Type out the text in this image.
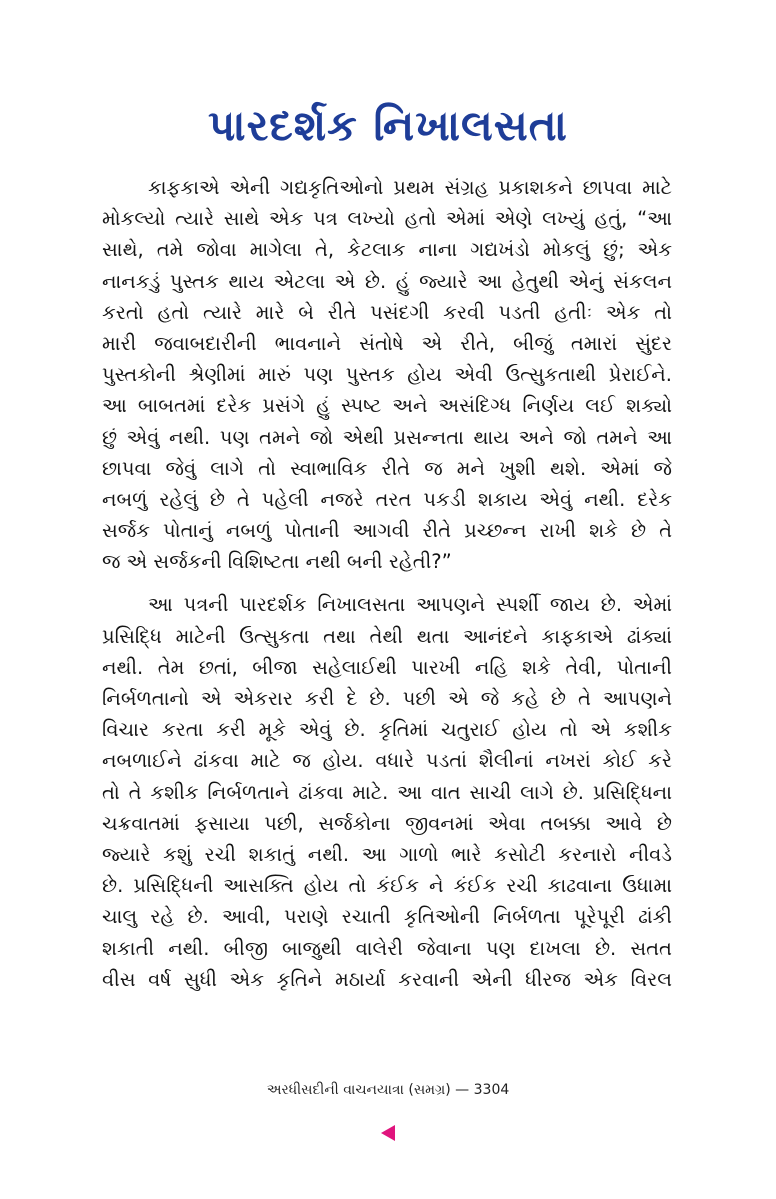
પારદર્શક નિખાલસતા
કાફકાએ એની ગદ્યકૃતિઓનો પ્રથમ સંગ્રહ પ્રકાશકને છાપવા માટે
મોકલ્યો ત્યારે સાથે એક પત્ર લખ્યો હતો એમાં એણે લખ્યું હતું, “આ
સાથે, તમે જોવા માગેલા તે, કેટલાક નાના ગદ્યખંડો મોકલું છું; એક
નાનકડું પુસ્તક થાય એટલા એ છે. હું જ્યારે આ હેતુથી એનું સંકલન
કરતો હતો ત્યારે મારે બે રીતે પસંદગી કરવી પડતી હતીઃ એક તો
મારી જવાબદારીની ભાવનાને સંતોષે એ રીતે, બીજું તમારાં સુંદર
પુસ્તકોની શ્રેણીમાં મારું પણ પુસ્તક હોય એવી ઉત્સુકતાથી પ્રેરાઈને.
આ બાબતમાં દરેક પ્રસંગે હું સ્પષ્ટ અને અસંદિગ્ધ નિર્ણય લઈ શક્યો
છું એવું નથી. પણ તમને જો એથી પ્રસન્નતા થાય અને જો તમને આ
છાપવા જેવું લાગે તો સ્વાભાવિક રીતે જ મને ખુશી થશે. એમાં જે
નબળું રહેલું છે તે પહેલી નજરે તરત પકડી શકાય એવું નથી. દરેક
સર્જક પોતાનું નબળું પોતાની આગવી રીતે પ્રચ્છન્ન રાખી શકે છે તે
જ એ સર્જકની વિશિષ્ટતા નથી બની રહેતી?”
આ પત્રની પારદર્શક નિખાલસતા આપણને સ્પર્શી જાય છે. એમાં
પ્રસિદ્ધિ માટેની ઉત્સુકતા તથા તેથી થતા આનંદને કાફકાએ ઢાંક્યાં
નથી. તેમ છતાં, બીજા સહેલાઈથી પારખી નહિ શકે તેવી, પોતાની
નિર્બળતાનો એ એકરાર કરી દે છે. પછી એ જે કહે છે તે આપણને
વિચાર કરતા કરી મૂકે એવું છે. કૃતિમાં ચતુરાઈ હોય તો એ કશીક
નબળાઈને ઢાંકવા માટે જ હોય. વધારે પડતાં શૈલીનાં નખરાં કોઈ કરે
તો તે કશીક નિર્બળતાને ઢાંકવા માટે. આ વાત સાચી લાગે છે. પ્રસિદ્ધિના
ચક્રવાતમાં ફસાયા પછી, સર્જકોના જીવનમાં એવા તબક્કા આવે છે
જ્યારે કશું રચી શકાતું નથી. આ ગાળો ભારે કસોટી કરનારો નીવડે
છે. પ્રસિદ્ધિની આસક્તિ હોય તો કંઈક ને કંઈક રચી કાઢવાના ઉધામા
ચાલુ રહે છે. આવી, પરાણે રચાતી કૃતિઓની નિર્બળતા પૂરેપૂરી ઢાંકી
શકાતી નથી. બીજી બાજુથી વાલેરી જેવાના પણ દાખલા છે. સતત
વીસ વર્ષ સુધી એક કૃતિને મઠાર્યા કરવાની એની ધીરજ એક વિરલ
અરધીસદીની વાચનયાત્રા (સમગ્ર) — 3304
